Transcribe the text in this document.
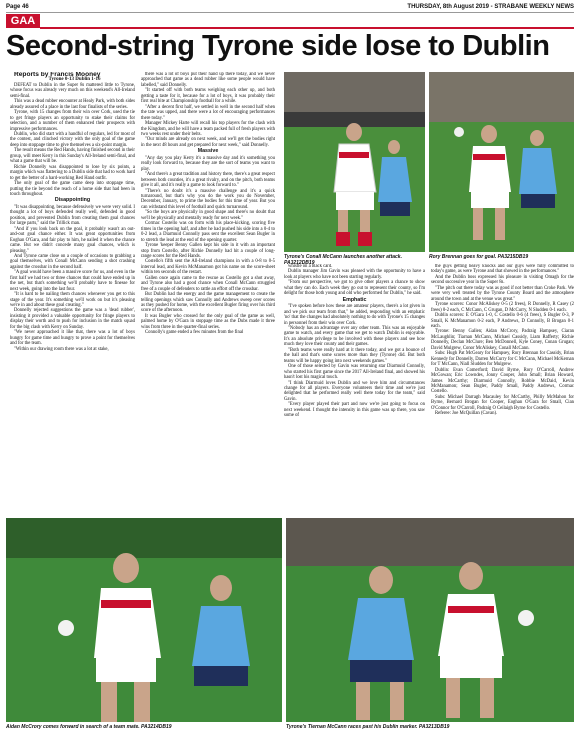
Page 46	THURSDAY, 8th August 2019 - STRABANE WEEKLY NEWS
GAA
Second-string Tyrone side lose to Dublin

Reports by Francis Mooney

Tyrone 0-13 Dublin 1-16

DEFEAT to Dublin in the Super 8s mattered little to Tyrone, whose focus was already very much on this weekend's All-Ireland semi-final.

This was a dead rubber encounter at Healy Park, with both sides already assured of a place in the last four finalists of the series.

Tyrone, with 15 changes from their win over Cork, used the tie to get fringe players an opportunity to stake their claims for selection, and a number of them enhanced their prospects with impressive performances.

Dublin, who did start with a handful of regulars, led for most of the contest, and clinched victory with the only goal of the game deep into stoppage time to give themselves a six-point margin.

The result means the Red Hands, having finished second in their group, will meet Kerry in this Sunday's All-Ireland semi-final, and what a game that will be.

Richie Donnelly was disappointed to lose by six points, a margin which was flattering to a Dublin side that had to work hard to get the better of a hard-working Red Hand outfit.

The only goal of the game came deep into stoppage time, putting the tie beyond the reach of a home side that had been in touch throughout.

Disappointing

"It was disappointing, because defensively we were very solid. I thought a lot of boys defended really well, defended in good position, and prevented Dublin from creating them goal chances for large parts," said the Trillick man.

"And if you look back on the goal, it probably wasn't an out-and-out goal chance either. It was great opportunities from Eoghan O'Gara, and fair play to him, he nailed it when the chance came. But we didn't concede many goal chances, which is pleasing."

And Tyrone came close on a couple of occasions to grabbing a goal themselves, with Conall McCann sending a shot crashing against the crossbar in the second half.

"A goal would have been a massive score for us, and even in the first half we had two or three chances that could have ended up in the net, but that's something we'll probably have to finesse for next week, going into the last four.

"It is hard to be nailing them chances whenever you get to this stage of the year. It's something we'll work on but it's pleasing we're in and about these goal creating."

Donnelly rejected suggestions the game was a 'dead rubber', insisting it provided a valuable opportunity for fringe players to display their worth and to push for inclusion in the match squad for the big clash with Kerry on Sunday.

"We never approached it like that, there was a lot of boys hungry for game time and hungry to prove a point for themselves and for the team.

"Within our drawing room there was a lot at stake,

there was a lot of boys put their hand up there today, and we never approached that game as a dead rubber like some people would have labelled," said Donnelly.

"It started off with both teams weighing each other up, and both getting a taste for it, because for a lot of boys, it was probably their first real bite at Championship football for a while.

"After a decent first half, we settled in well in the second half when the tate was upped, and there were a lot of encouraging performances there today."

Manager Mickey Harte will recall his top players for the clash with the Kingdom, and he will have a team packed full of fresh players with two weeks rest under their belts.

"Our minds are already on next week, and we'll get the bodies right in the next 48 hours and get prepared for next week," said Donnelly.

Massive

"Any day you play Kerry it's a massive day and it's something you really look forward to, because they are the sort of teams you want to play.

"And there's a great tradition and history there, there's a great respect between both counties, it's a great rivalry, and on the pitch, both teams give it all, and it's really a game to look forward to."

"There's no doubt it's a massive challenge and it's a quick turnaround, but that's why you do the work you do November, December, January, to prime the bodies for this time of year. But you can withstand this level of football and quick turnaround.

"So the boys are physically in good shape and there's no doubt that we'll be physically and mentally ready for next week."

Cormac Costello was on form with his place-kicking, scoring five times in the opening half, and after he had pushed his side into a 0-4 to 0-2 lead, a Diarmuid Connolly pass sent the excellent Sean Bugler in to stretch the lead at the end of the opening quarter.

Tyrone 'keeper Benny Gallen kept his side in it with an important stop from Costello, after Richie Donnelly had hit a couple of long-range scores for the Red Hands.

Costello's fifth sent the All-Ireland champions in with a 0-8 to 0-5 interval lead, and Kevin McManamon got his name on the score-sheet within ten seconds of the restart.

Gallen once again came to the rescue as Costello got a shot away, and Tyrone also had a good chance when Conall McCann struggled free of a couple of defenders to rattle an effort off the crossbar.

But Dublin had the energy and the game management to create the telling openings which saw Connolly and Andrews sweep over scores as they pushed for home, with the excellent Bugler firing over his third score of the afternoon.

It was Bugler who crossed for the only goal of the game as well, palmed home by O'Gara in stoppage time as the Dubs made it three wins from three in the quarter-final series.

Connolly's game ended a few minutes from the final

Tyrone's Conall McCann launches another attack. PA3212DB19
Rory Brennan goes for goal. PA3215DB19

whistle on a black card.

Dublin manager Jim Gavin was pleased with the opportunity to have a look at players who have not been starting regularly.

"From our perspective, we got to give other players a chance to show what they can do. Each week they go out to represent their county, so I'm delight for those both young and old who performed for Dublin," he said.

Emphatic

"I've spoken before how these are amateur players, there's a lot given in and we pick our team from that," he added, responding with an emphatic 'no' that the changes had absolutely nothing to do with Tyrone's 15 changes in personnel from their win over Cork.

"Nobody has an advantage over any other team. This was an enjoyable game to watch, and every game that we get to watch Dublin is enjoyable. It's an absolute privilege to be involved with these players and see how much they love their county and their games.

"Both teams were really hard at it there today, and we got a bounce of the ball and that's some scores more than they (Tyrone) did. But both teams will be happy going into next weekends games."

One of those selected by Gavin was returning star Diarmuid Connolly, who started his first game since the 2017 All-Ireland final, and showed his hasn't lost his magical touch.

"I think Diarmuid loves Dublin and we love him and circumstances change for all players. Everyone volunteers their time and we're just delighted that he performed really well there today for the team," said Gavin.

"Every player played their part and now we're just going to focus on next weekend. I thought the intensity in this game was up there, you saw some of

the guys getting heavy knocks and our guys were fully committed to today's game, as were Tyrone and that showed in the performances."

And the Dublin boss expressed his pleasure in visiting Omagh for the second successive year in the Super 8s.

"The pitch out there today was as good if not better than Croke Park. We were very well treated by the Tyrone County Board and the atmosphere around the town and at the venue was great."

Tyrone scorers: Conor McAliskey 0-5 (2 frees), R Donnelly, R Casey (2 frees) 0-2 each, C McCann, C Grugan, D McCurry, N Sludden 0-1 each.

Dublin scorers: E O'Gara 1-0, C Costello 0-6 (4 frees), S Bugler 0-3, P Small, K McManamon 0-2 each, P Andrews, D Connolly, B Brogan 0-1 each.

Tyrone: Benny Gallen; Aidan McCrory, Padraig Hampsey, Ciaran McLaughlin; Tiarnan McCann, Michael Cassidy, Liam Rafferty; Richie Donnelly, Declan McClure; Ben McDonnell, Kyle Coney, Conan Grugan; David Mulgrew, Conor McAliskey, Conall McCann.

Subs: Hugh Pat McGeary for Hampsey, Rory Brennan for Cassidy, Brian Kennedy for Donnelly, Darren McCurry for C McCann, Michael McKernan for T McCann, Niall Sludden for Mulgrew.

Dublin: Evan Comerford; David Byrne, Rory O'Carroll, Andrew McGowan; Eric Lowndes, Jonny Cooper, John Small; Brian Howard, James McCarthy; Diarmuid Connolly, Robbie McDaid, Kevin McManamon; Sean Bugler, Paddy Small, Paddy Andrews, Cormac Costello.

Subs: Michael Darragh Macauley for McCarthy, Philly McMahon for Byrne, Bernard Brogan for Cooper, Eoghan O'Gara for Small, Cian O'Connor for O'Carroll, Padraig O Ceilaigh Byrne for Costello.

Referee: Joe McQuillan (Cavan).

Aidan McCrory comes forward in search of a team mate. PA3214DB19	Tyrone's Tiernan McCann races past his Dublin marker. PA3213DB19
